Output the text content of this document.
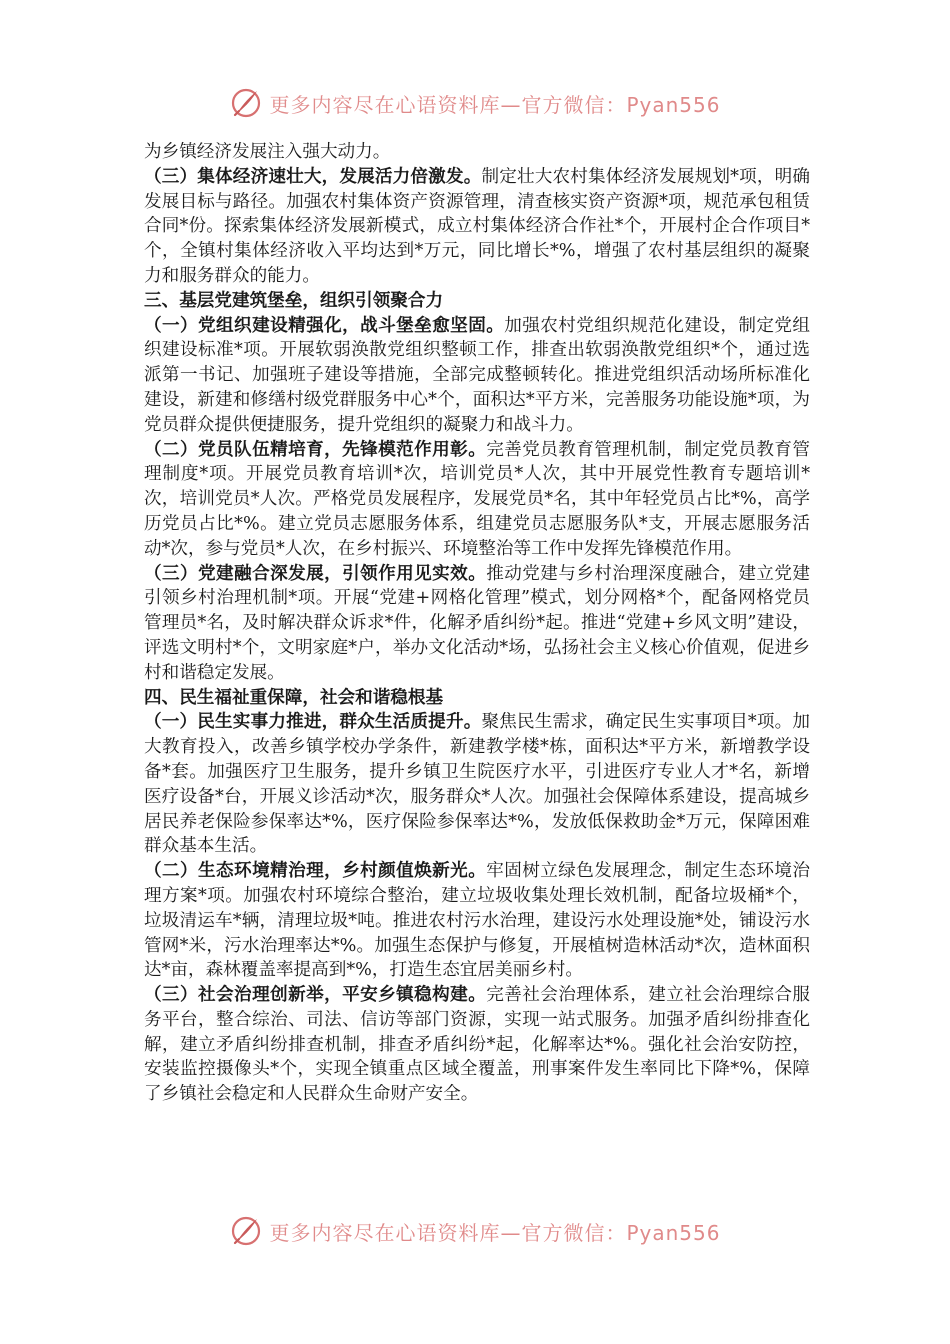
更多内容尽在心语资料库—官方微信：Pyan556

为乡镇经济发展注入强大动力。

（三）集体经济速壮大，发展活力倍激发。制定壮大农村集体经济发展规划*项，明确发展目标与路径。加强农村集体资产资源管理，清查核实资产资源*项，规范承包租赁合同*份。探索集体经济发展新模式，成立村集体经济合作社*个，开展村企合作项目*个，全镇村集体经济收入平均达到*万元，同比增长*%，增强了农村基层组织的凝聚力和服务群众的能力。

三、基层党建筑堡垒，组织引领聚合力

（一）党组织建设精强化，战斗堡垒愈坚固。加强农村党组织规范化建设，制定党组织建设标准*项。开展软弱涣散党组织整顿工作，排查出软弱涣散党组织*个，通过选派第一书记、加强班子建设等措施，全部完成整顿转化。推进党组织活动场所标准化建设，新建和修缮村级党群服务中心*个，面积达*平方米，完善服务功能设施*项，为党员群众提供便捷服务，提升党组织的凝聚力和战斗力。

（二）党员队伍精培育，先锋模范作用彰。完善党员教育管理机制，制定党员教育管理制度*项。开展党员教育培训*次，培训党员*人次，其中开展党性教育专题培训*次，培训党员*人次。严格党员发展程序，发展党员*名，其中年轻党员占比*%，高学历党员占比*%。建立党员志愿服务体系，组建党员志愿服务队*支，开展志愿服务活动*次，参与党员*人次，在乡村振兴、环境整治等工作中发挥先锋模范作用。

（三）党建融合深发展，引领作用见实效。推动党建与乡村治理深度融合，建立党建引领乡村治理机制*项。开展“党建+网格化管理”模式，划分网格*个，配备网格党员管理员*名，及时解决群众诉求*件，化解矛盾纠纷*起。推进“党建+乡风文明”建设，评选文明村*个，文明家庭*户，举办文化活动*场，弘扬社会主义核心价值观，促进乡村和谐稳定发展。

四、民生福祉重保障，社会和谐稳根基

（一）民生实事力推进，群众生活质提升。聚焦民生需求，确定民生实事项目*项。加大教育投入，改善乡镇学校办学条件，新建教学楼*栋，面积达*平方米，新增教学设备*套。加强医疗卫生服务，提升乡镇卫生院医疗水平，引进医疗专业人才*名，新增医疗设备*台，开展义诊活动*次，服务群众*人次。加强社会保障体系建设，提高城乡居民养老保险参保率达*%，医疗保险参保率达*%，发放低保救助金*万元，保障困难群众基本生活。

（二）生态环境精治理，乡村颜值焕新光。牢固树立绿色发展理念，制定生态环境治理方案*项。加强农村环境综合整治，建立垃圾收集处理长效机制，配备垃圾桶*个，垃圾清运车*辆，清理垃圾*吨。推进农村污水治理，建设污水处理设施*处，铺设污水管网*米，污水治理率达*%。加强生态保护与修复，开展植树造林活动*次，造林面积达*亩，森林覆盖率提高到*%，打造生态宜居美丽乡村。

（三）社会治理创新举，平安乡镇稳构建。完善社会治理体系，建立社会治理综合服务平台，整合综治、司法、信访等部门资源，实现一站式服务。加强矛盾纠纷排查化解，建立矛盾纠纷排查机制，排查矛盾纠纷*起，化解率达*%。强化社会治安防控，安装监控摄像头*个，实现全镇重点区域全覆盖，刑事案件发生率同比下降*%，保障了乡镇社会稳定和人民群众生命财产安全。

更多内容尽在心语资料库—官方微信：Pyan556
